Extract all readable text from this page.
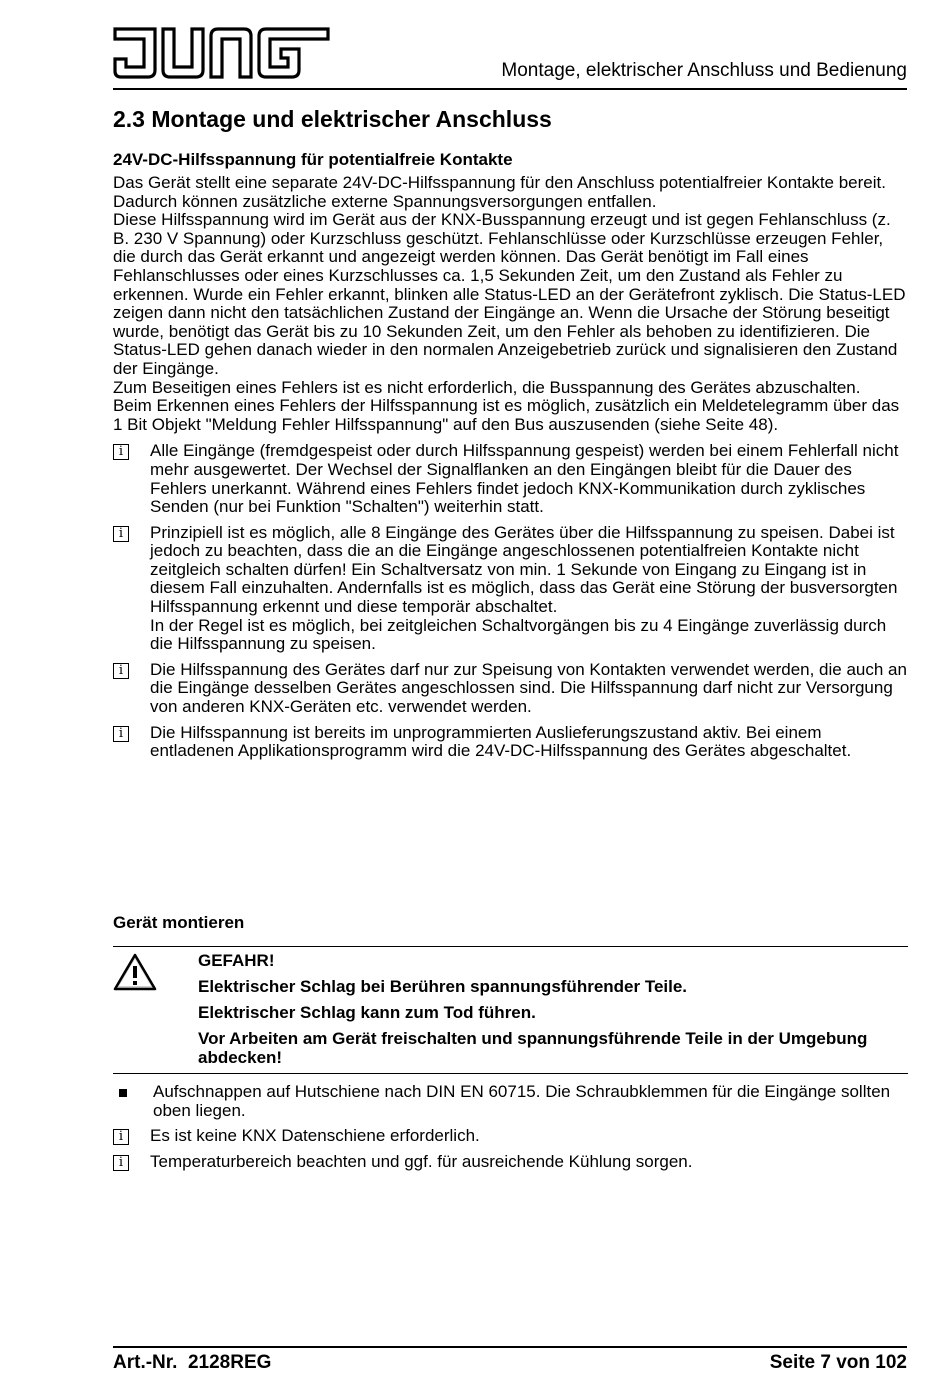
Montage, elektrischer Anschluss und Bedienung
2.3 Montage und elektrischer Anschluss
24V-DC-Hilfsspannung für potentialfreie Kontakte

Das Gerät stellt eine separate 24V-DC-Hilfsspannung für den Anschluss potentialfreier Kontakte bereit. Dadurch können zusätzliche externe Spannungsversorgungen entfallen.
Diese Hilfsspannung wird im Gerät aus der KNX-Busspannung erzeugt und ist gegen Fehlanschluss (z. B. 230 V Spannung) oder Kurzschluss geschützt. Fehlanschlüsse oder Kurzschlüsse erzeugen Fehler, die durch das Gerät erkannt und angezeigt werden können. Das Gerät benötigt im Fall eines Fehlanschlusses oder eines Kurzschlusses ca. 1,5 Sekunden Zeit, um den Zustand als Fehler zu erkennen. Wurde ein Fehler erkannt, blinken alle Status-LED an der Gerätefront zyklisch. Die Status-LED zeigen dann nicht den tatsächlichen Zustand der Eingänge an. Wenn die Ursache der Störung beseitigt wurde, benötigt das Gerät bis zu 10 Sekunden Zeit, um den Fehler als behoben zu identifizieren. Die Status-LED gehen danach wieder in den normalen Anzeigebetrieb zurück und signalisieren den Zustand der Eingänge.
Zum Beseitigen eines Fehlers ist es nicht erforderlich, die Busspannung des Gerätes abzuschalten.
Beim Erkennen eines Fehlers der Hilfsspannung ist es möglich, zusätzlich ein Meldetelegramm über das 1 Bit Objekt "Meldung Fehler Hilfsspannung" auf den Bus auszusenden (siehe Seite 48).

i	Alle Eingänge (fremdgespeist oder durch Hilfsspannung gespeist) werden bei einem Fehlerfall nicht mehr ausgewertet. Der Wechsel der Signalflanken an den Eingängen bleibt für die Dauer des Fehlers unerkannt. Während eines Fehlers findet jedoch KNX-Kommunikation durch zyklisches Senden (nur bei Funktion "Schalten") weiterhin statt.
i	Prinzipiell ist es möglich, alle 8 Eingänge des Gerätes über die Hilfsspannung zu speisen. Dabei ist jedoch zu beachten, dass die an die Eingänge angeschlossenen potentialfreien Kontakte nicht zeitgleich schalten dürfen! Ein Schaltversatz von min. 1 Sekunde von Eingang zu Eingang ist in diesem Fall einzuhalten. Andernfalls ist es möglich, dass das Gerät eine Störung der busversorgten Hilfsspannung erkennt und diese temporär abschaltet.
In der Regel ist es möglich, bei zeitgleichen Schaltvorgängen bis zu 4 Eingänge zuverlässig durch die Hilfsspannung zu speisen.
i	Die Hilfsspannung des Gerätes darf nur zur Speisung von Kontakten verwendet werden, die auch an die Eingänge desselben Gerätes angeschlossen sind. Die Hilfsspannung darf nicht zur Versorgung von anderen KNX-Geräten etc. verwendet werden.
i	Die Hilfsspannung ist bereits im unprogrammierten Auslieferungszustand aktiv. Bei einem entladenen Applikationsprogramm wird die 24V-DC-Hilfsspannung des Gerätes abgeschaltet.
Gerät montieren

GEFAHR!

Elektrischer Schlag bei Berühren spannungsführender Teile.

Elektrischer Schlag kann zum Tod führen.

Vor Arbeiten am Gerät freischalten und spannungsführende Teile in der Umgebung abdecken!

Aufschnappen auf Hutschiene nach DIN EN 60715. Die Schraubklemmen für die Eingänge sollten oben liegen.
i	Es ist keine KNX Datenschiene erforderlich.
i	Temperaturbereich beachten und ggf. für ausreichende Kühlung sorgen.
Art.-Nr.  2128REG	Seite 7 von 102
